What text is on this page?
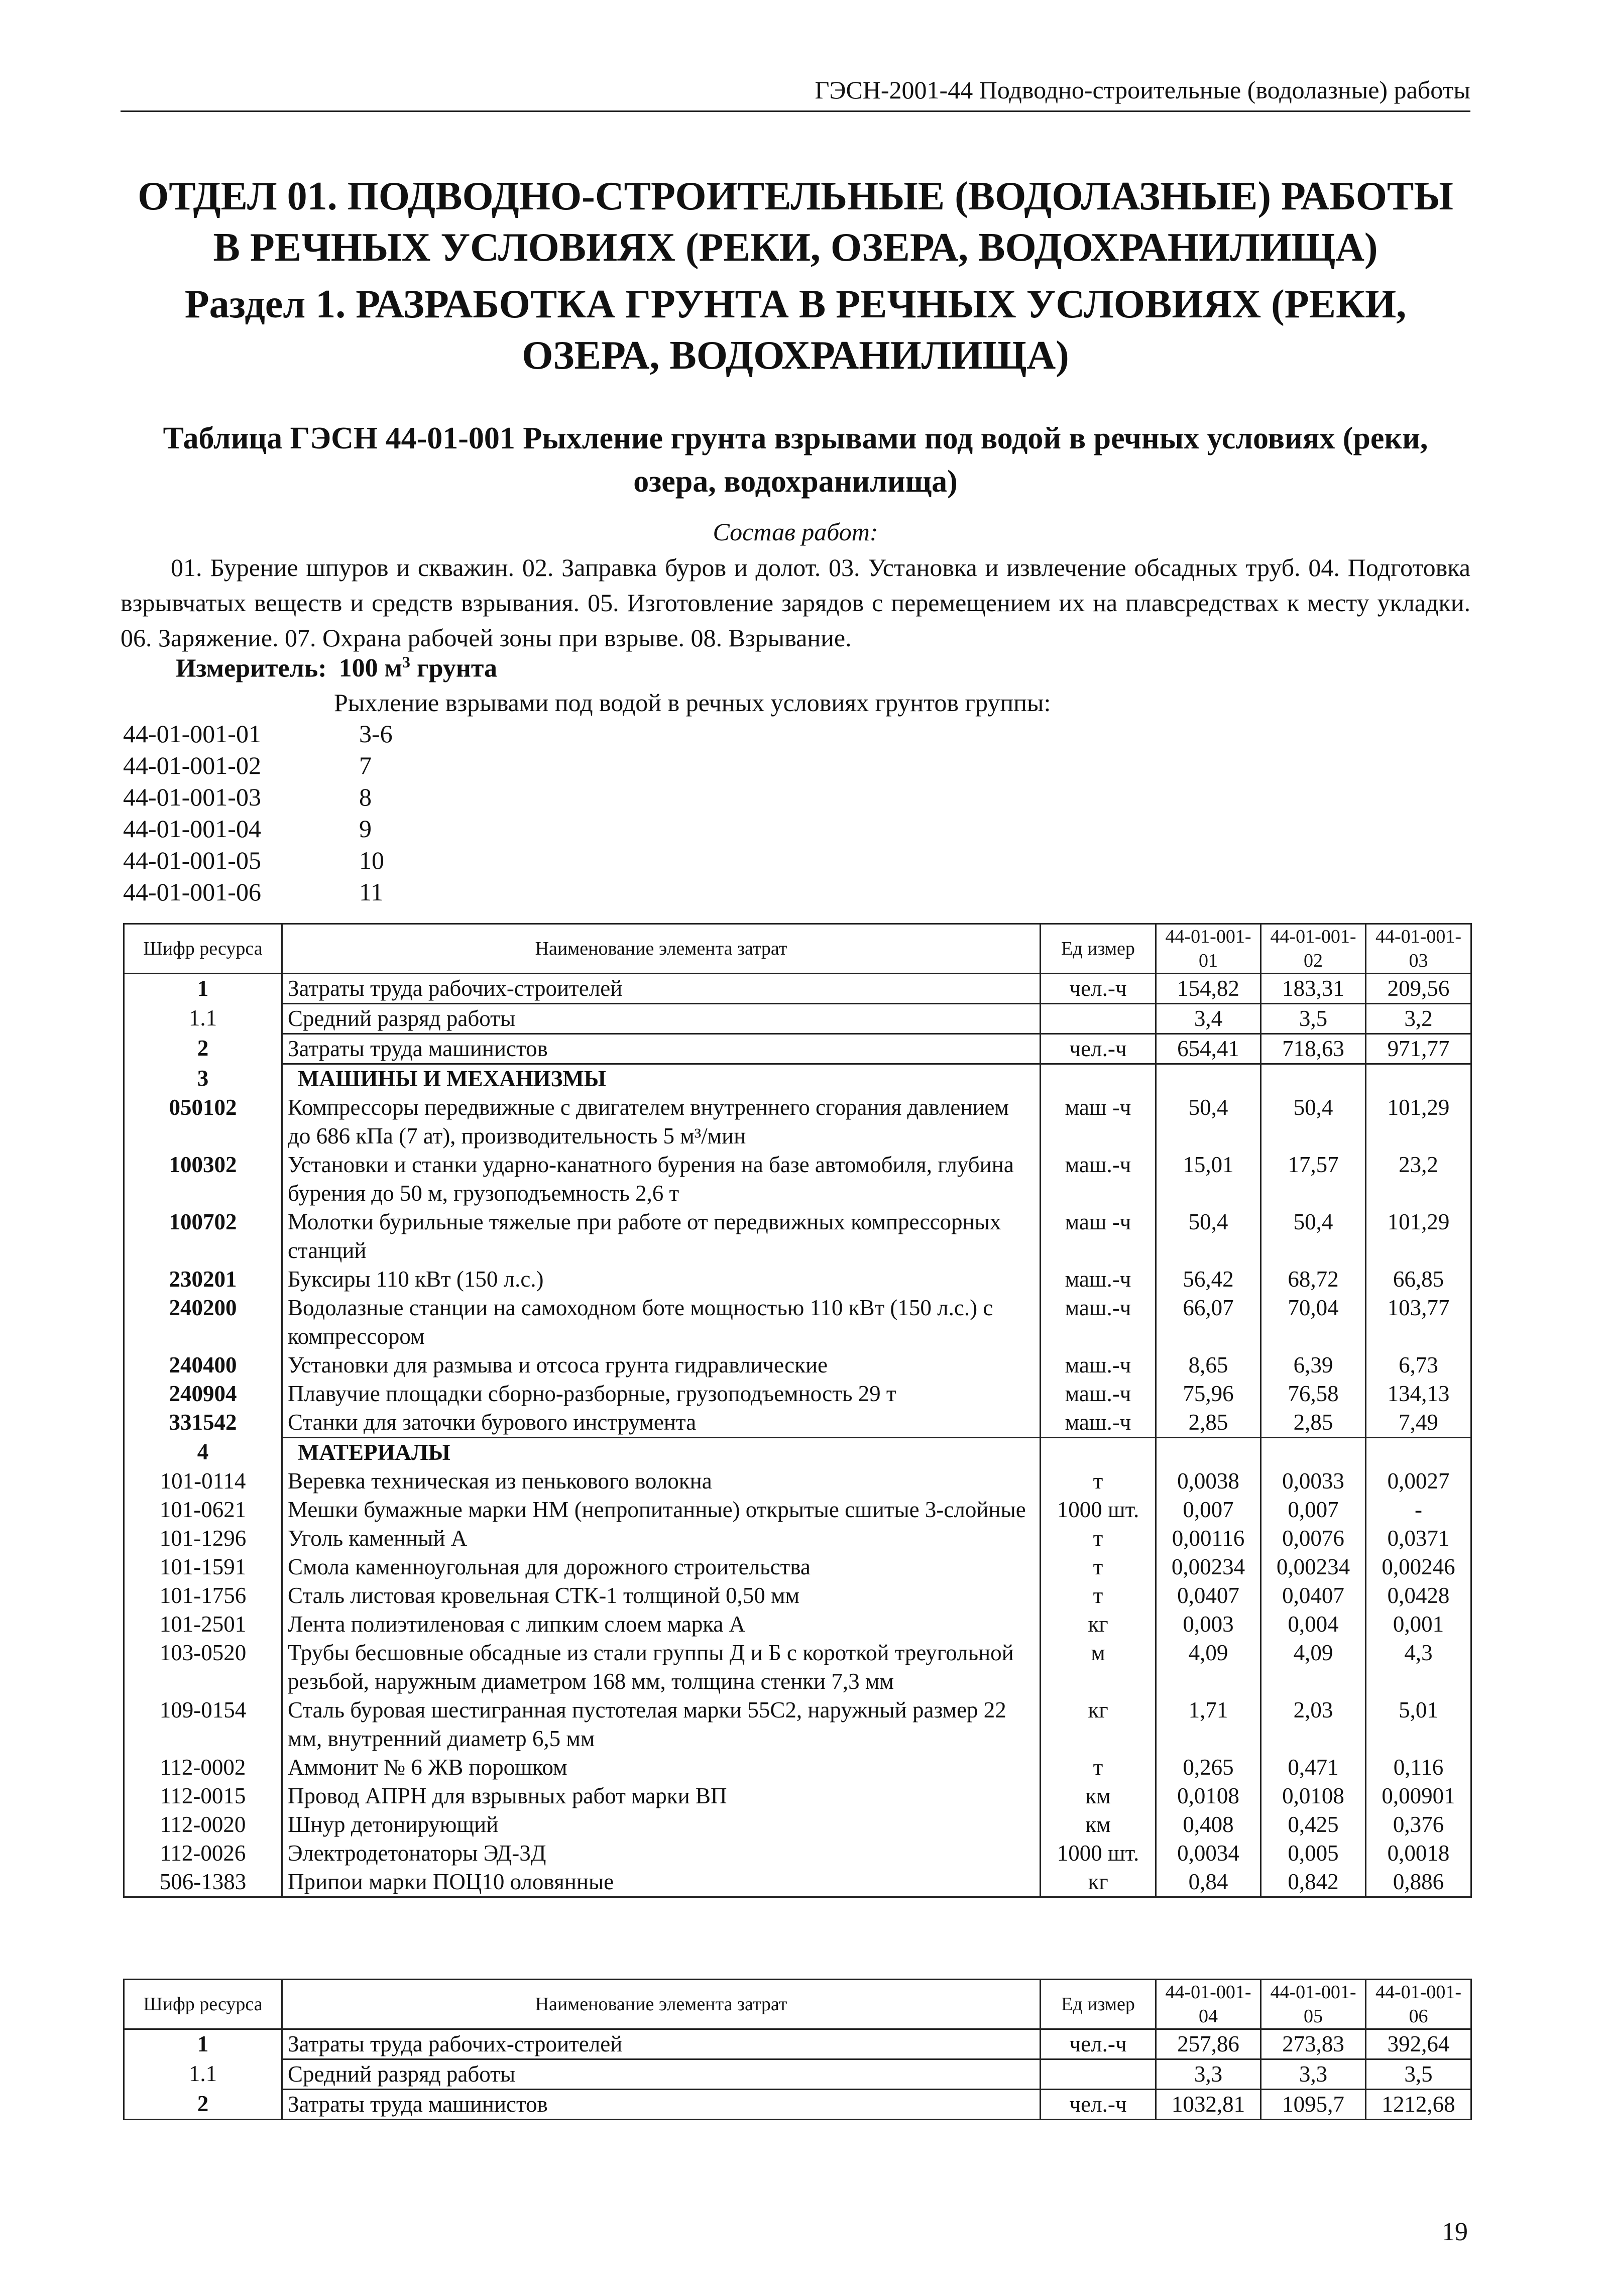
ГЭСН-2001-44 Подводно-строительные (водолазные) работы
ОТДЕЛ 01. ПОДВОДНО-СТРОИТЕЛЬНЫЕ (ВОДОЛАЗНЫЕ) РАБОТЫ В РЕЧНЫХ УСЛОВИЯХ (РЕКИ, ОЗЕРА, ВОДОХРАНИЛИЩА)
Раздел 1. РАЗРАБОТКА ГРУНТА В РЕЧНЫХ УСЛОВИЯХ (РЕКИ, ОЗЕРА, ВОДОХРАНИЛИЩА)
Таблица ГЭСН 44-01-001 Рыхление грунта взрывами под водой в речных условиях (реки, озера, водохранилища)
Состав работ:

01. Бурение шпуров и скважин. 02. Заправка буров и долот. 03. Установка и извлечение обсадных труб. 04. Подготовка взрывчатых веществ и средств взрывания. 05. Изготовление зарядов с перемещением их на плавсредствах к месту укладки. 06. Заряжение. 07. Охрана рабочей зоны при взрыве. 08. Взрывание.

Измеритель: 100 $м^3$ грунта
Рыхление взрывами под водой в речных условиях грунтов группы:
44-01-001-01	3-6
44-01-001-02	7
44-01-001-03	8
44-01-001-04	9
44-01-001-05	10
44-01-001-06	11
Шифр ресурса	Наименование элемента затрат	Ед измер	44-01-001-01	44-01-001-02	44-01-001-03
1	Затраты труда рабочих-строителей	чел.-ч	154,82	183,31	209,56
1.1	Средний разряд работы		3,4	3,5	3,2
2	Затраты труда машинистов	чел.-ч	654,41	718,63	971,77
3	МАШИНЫ И МЕХАНИЗМЫ				
050102	Компрессоры передвижные с двигателем внутреннего сгорания давлением до 686 кПа (7 ат), производительность 5 м³/мин	маш -ч	50,4	50,4	101,29
100302	Установки и станки ударно-канатного бурения на базе автомобиля, глубина бурения до 50 м, грузоподъемность 2,6 т	маш.-ч	15,01	17,57	23,2
100702	Молотки бурильные тяжелые при работе от передвижных компрессорных станций	маш -ч	50,4	50,4	101,29
230201	Буксиры 110 кВт (150 л.с.)	маш.-ч	56,42	68,72	66,85
240200	Водолазные станции на самоходном боте мощностью 110 кВт (150 л.с.) с компрессором	маш.-ч	66,07	70,04	103,77
240400	Установки для размыва и отсоса грунта гидравлические	маш.-ч	8,65	6,39	6,73
240904	Плавучие площадки сборно-разборные, грузоподъемность 29 т	маш.-ч	75,96	76,58	134,13
331542	Станки для заточки бурового инструмента	маш.-ч	2,85	2,85	7,49
4	МАТЕРИАЛЫ				
101-0114	Веревка техническая из пенькового волокна	т	0,0038	0,0033	0,0027
101-0621	Мешки бумажные марки НМ (непропитанные) открытые сшитые 3-слойные	1000 шт.	0,007	0,007	-
101-1296	Уголь каменный А	т	0,00116	0,0076	0,0371
101-1591	Смола каменноугольная для дорожного строительства	т	0,00234	0,00234	0,00246
101-1756	Сталь листовая кровельная СТК-1 толщиной 0,50 мм	т	0,0407	0,0407	0,0428
101-2501	Лента полиэтиленовая с липким слоем марка А	кг	0,003	0,004	0,001
103-0520	Трубы бесшовные обсадные из стали группы Д и Б с короткой треугольной резьбой, наружным диаметром 168 мм, толщина стенки 7,3 мм	м	4,09	4,09	4,3
109-0154	Сталь буровая шестигранная пустотелая марки 55С2, наружный размер 22 мм, внутренний диаметр 6,5 мм	кг	1,71	2,03	5,01
112-0002	Аммонит № 6 ЖВ порошком	т	0,265	0,471	0,116
112-0015	Провод АПРН для взрывных работ марки ВП	км	0,0108	0,0108	0,00901
112-0020	Шнур детонирующий	км	0,408	0,425	0,376
112-0026	Электродетонаторы ЭД-3Д	1000 шт.	0,0034	0,005	0,0018
506-1383	Припои марки ПОЦ10 оловянные	кг	0,84	0,842	0,886
Шифр ресурса	Наименование элемента затрат	Ед измер	44-01-001-04	44-01-001-05	44-01-001-06
1	Затраты труда рабочих-строителей	чел.-ч	257,86	273,83	392,64
1.1	Средний разряд работы		3,3	3,3	3,5
2	Затраты труда машинистов	чел.-ч	1032,81	1095,7	1212,68
19
